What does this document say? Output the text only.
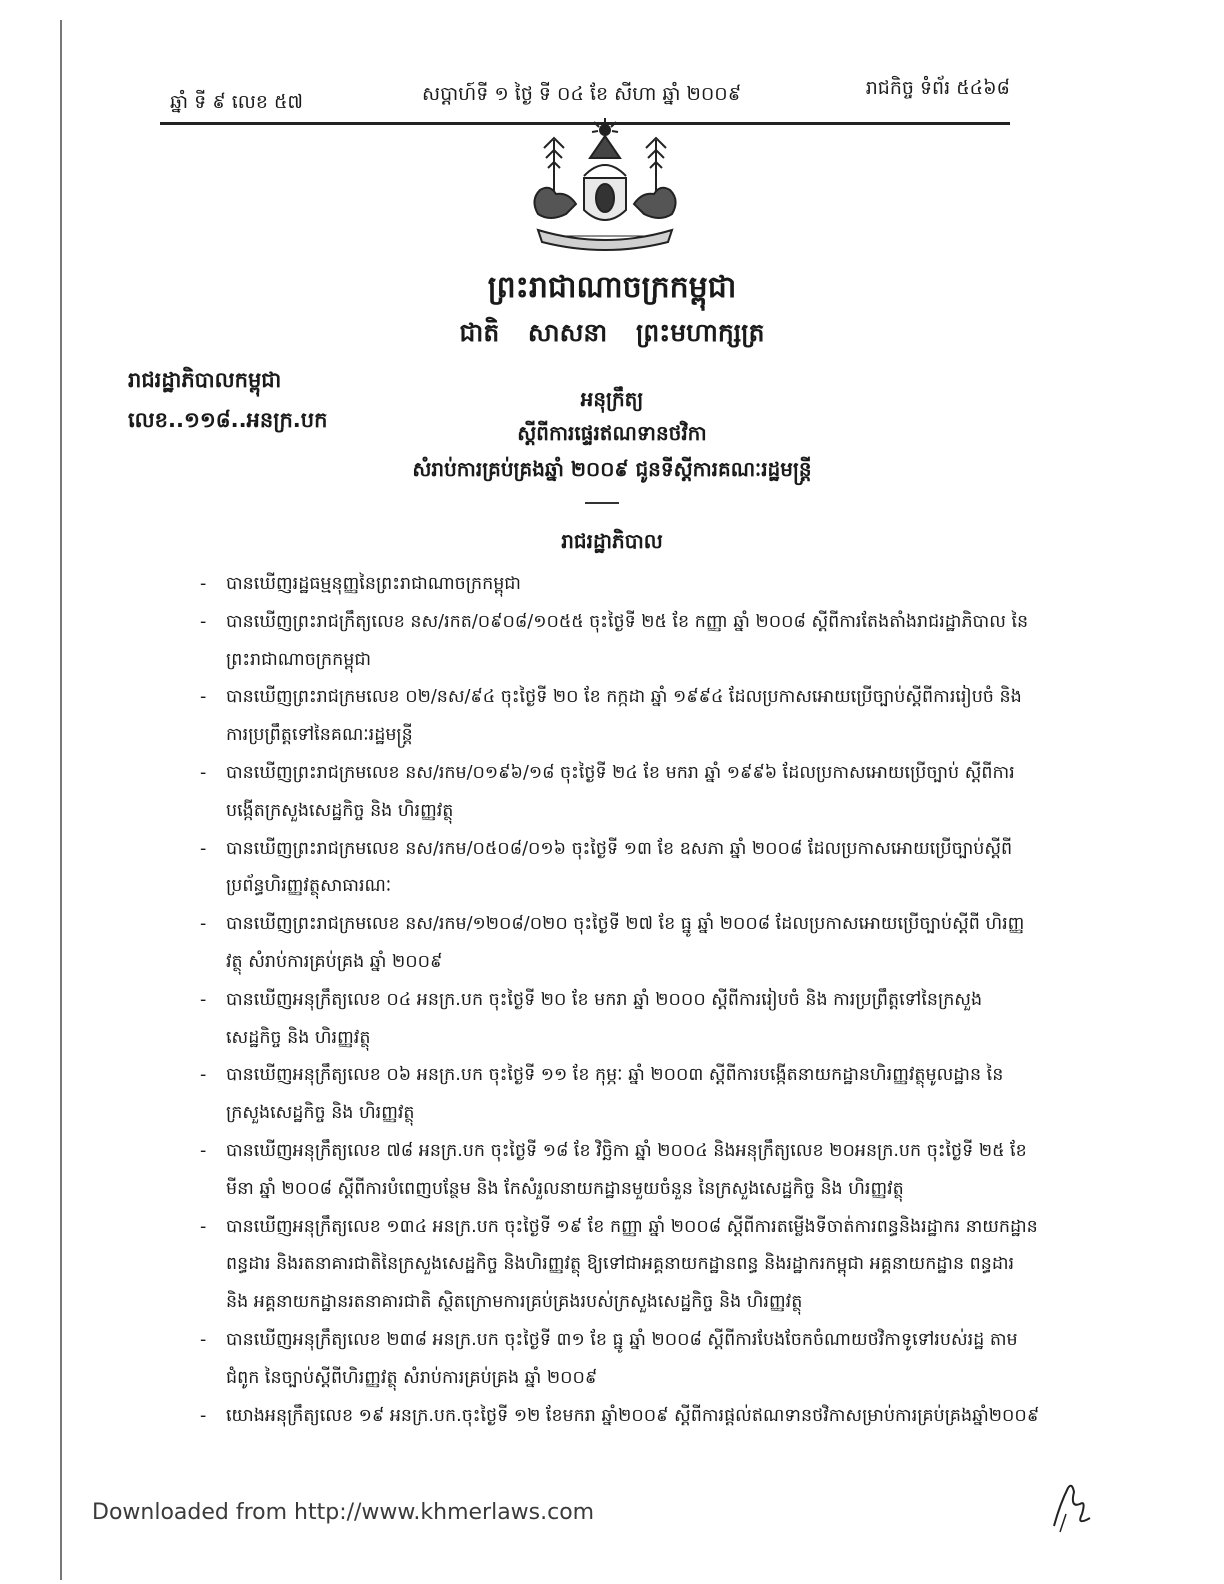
ឆ្នាំ ទី ៩ លេខ ៥៧	សប្តាហ៍ទី ១ ថ្ងៃ ទី ០៤ ខែ សីហា ឆ្នាំ ២០០៩	រាជកិច្ច ទំព័រ ៥៤៦៨
ព្រះរាជាណាចក្រកម្ពុជា
ជាតិ សាសនា ព្រះមហាក្សត្រ
រាជរដ្ឋាភិបាលកម្ពុជា
លេខ..១១៨..អនក្រ.បក
អនុក្រឹត្យ
ស្តីពីការផ្ទេរឥណទានថវិកា
សំរាប់ការគ្រប់គ្រងឆ្នាំ ២០០៩ ជូនទីស្តីការគណៈរដ្ឋមន្ត្រី
រាជរដ្ឋាភិបាល
-	បានឃើញរដ្ឋធម្មនុញ្ញនៃព្រះរាជាណាចក្រកម្ពុជា
-	បានឃើញព្រះរាជក្រឹត្យលេខ នស/រកត/០៩០៨/១០៥៥ ចុះថ្ងៃទី ២៥ ខែ កញ្ញា ឆ្នាំ ២០០៨ ស្តីពីការតែងតាំងរាជរដ្ឋាភិបាល នៃព្រះរាជាណាចក្រកម្ពុជា
-	បានឃើញព្រះរាជក្រមលេខ ០២/នស/៩៤ ចុះថ្ងៃទី ២០ ខែ កក្កដា ឆ្នាំ ១៩៩៤ ដែលប្រកាសអោយប្រើច្បាប់ស្តីពីការរៀបចំ និង ការប្រព្រឹត្តទៅនៃគណៈរដ្ឋមន្ត្រី
-	បានឃើញព្រះរាជក្រមលេខ នស/រកម/០១៩៦/១៨ ចុះថ្ងៃទី ២៤ ខែ មករា ឆ្នាំ ១៩៩៦ ដែលប្រកាសអោយប្រើច្បាប់ ស្តីពីការ បង្កើតក្រសួងសេដ្ឋកិច្ច និង ហិរញ្ញវត្ថុ
-	បានឃើញព្រះរាជក្រមលេខ នស/រកម/០៥០៨/០១៦ ចុះថ្ងៃទី ១៣ ខែ ឧសភា ឆ្នាំ ២០០៨ ដែលប្រកាសអោយប្រើច្បាប់ស្តីពី ប្រព័ន្ធហិរញ្ញវត្ថុសាធារណៈ
-	បានឃើញព្រះរាជក្រមលេខ នស/រកម/១២០៨/០២០ ចុះថ្ងៃទី ២៧ ខែ ធ្នូ ឆ្នាំ ២០០៨ ដែលប្រកាសអោយប្រើច្បាប់ស្តីពី ហិរញ្ញវត្ថុ សំរាប់ការគ្រប់គ្រង ឆ្នាំ ២០០៩
-	បានឃើញអនុក្រឹត្យលេខ ០៤ អនក្រ.បក ចុះថ្ងៃទី ២០ ខែ មករា ឆ្នាំ ២០០០ ស្តីពីការរៀបចំ និង ការប្រព្រឹត្តទៅនៃក្រសួង សេដ្ឋកិច្ច និង ហិរញ្ញវត្ថុ
-	បានឃើញអនុក្រឹត្យលេខ ០៦ អនក្រ.បក ចុះថ្ងៃទី ១១ ខែ កុម្ភៈ ឆ្នាំ ២០០៣ ស្តីពីការបង្កើតនាយកដ្ឋានហិរញ្ញវត្ថុមូលដ្ឋាន នៃ ក្រសួងសេដ្ឋកិច្ច និង ហិរញ្ញវត្ថុ
-	បានឃើញអនុក្រឹត្យលេខ ៧៨ អនក្រ.បក ចុះថ្ងៃទី ១៨ ខែ វិច្ឆិកា ឆ្នាំ ២០០៤ និងអនុក្រឹត្យលេខ ២០អនក្រ.បក ចុះថ្ងៃទី ២៥ ខែ មីនា ឆ្នាំ ២០០៨ ស្តីពីការបំពេញបន្ថែម និង កែសំរួលនាយកដ្ឋានមួយចំនួន នៃក្រសួងសេដ្ឋកិច្ច និង ហិរញ្ញវត្ថុ
-	បានឃើញអនុក្រឹត្យលេខ ១៣៤ អនក្រ.បក ចុះថ្ងៃទី ១៩ ខែ កញ្ញា ឆ្នាំ ២០០៨ ស្តីពីការតម្លើងទីចាត់ការពន្ធនិងរដ្ឋាករ នាយកដ្ឋានពន្ធដារ និងរតនាគារជាតិនៃក្រសួងសេដ្ឋកិច្ច និងហិរញ្ញវត្ថុ ឱ្យទៅជាអគ្គនាយកដ្ឋានពន្ធ និងរដ្ឋាករកម្ពុជា អគ្គនាយកដ្ឋាន ពន្ធដារ និង អគ្គនាយកដ្ឋានរតនាគារជាតិ ស្ថិតក្រោមការគ្រប់គ្រងរបស់ក្រសួងសេដ្ឋកិច្ច និង ហិរញ្ញវត្ថុ
-	បានឃើញអនុក្រឹត្យលេខ ២៣៨ អនក្រ.បក ចុះថ្ងៃទី ៣១ ខែ ធ្នូ ឆ្នាំ ២០០៨ ស្តីពីការបែងចែកចំណាយថវិកាទូទៅរបស់រដ្ឋ តាមជំពូក នៃច្បាប់ស្តីពីហិរញ្ញវត្ថុ សំរាប់ការគ្រប់គ្រង ឆ្នាំ ២០០៩
-	យោងអនុក្រឹត្យលេខ ១៩ អនក្រ.បក.ចុះថ្ងៃទី ១២ ខែមករា ឆ្នាំ២០០៩ ស្តីពីការផ្តល់ឥណទានថវិកាសម្រាប់ការគ្រប់គ្រងឆ្នាំ២០០៩
Downloaded from http://www.khmerlaws.com
